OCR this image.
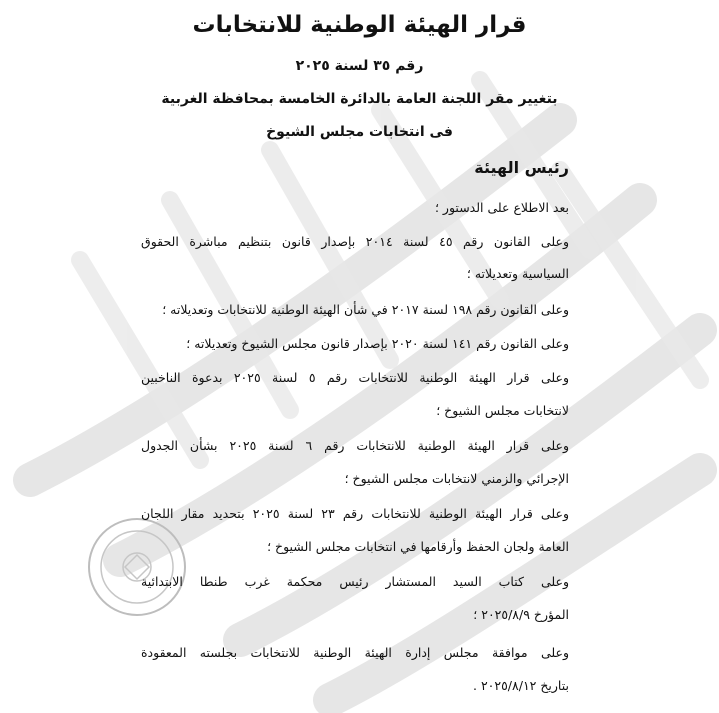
قرار الهيئة الوطنية للانتخابات
رقم ٣٥ لسنة ٢٠٢٥
بتغيير مقر اللجنة العامة بالدائرة الخامسة بمحافظة الغربية
فى انتخابات مجلس الشيوخ
رئيس الهيئة
بعد الاطلاع على الدستور ؛
وعلى القانون رقم ٤٥ لسنة ٢٠١٤ بإصدار قانون بتنظيم مباشرة الحقوق
السياسية وتعديلاته ؛
وعلى القانون رقم ١٩٨ لسنة ٢٠١٧ في شأن الهيئة الوطنية للانتخابات وتعديلاته ؛
وعلى القانون رقم ١٤١ لسنة ٢٠٢٠ بإصدار قانون مجلس الشيوخ وتعديلاته ؛
وعلى قرار الهيئة الوطنية للانتخابات رقم ٥ لسنة ٢٠٢٥ بدعوة الناخبين
لانتخابات مجلس الشيوخ ؛
وعلى قرار الهيئة الوطنية للانتخابات رقم ٦ لسنة ٢٠٢٥ بشأن الجدول
الإجرائي والزمني لانتخابات مجلس الشيوخ ؛
وعلى قرار الهيئة الوطنية للانتخابات رقم ٢٣ لسنة ٢٠٢٥ بتحديد مقار اللجان
العامة ولجان الحفظ وأرقامها في انتخابات مجلس الشيوخ ؛
وعلى كتاب السيد المستشار رئيس محكمة غرب طنطا الابتدائية
المؤرخ ٢٠٢٥/٨/٩ ؛
وعلى موافقة مجلس إدارة الهيئة الوطنية للانتخابات بجلسته المعقودة
بتاريخ ٢٠٢٥/٨/١٢ .
